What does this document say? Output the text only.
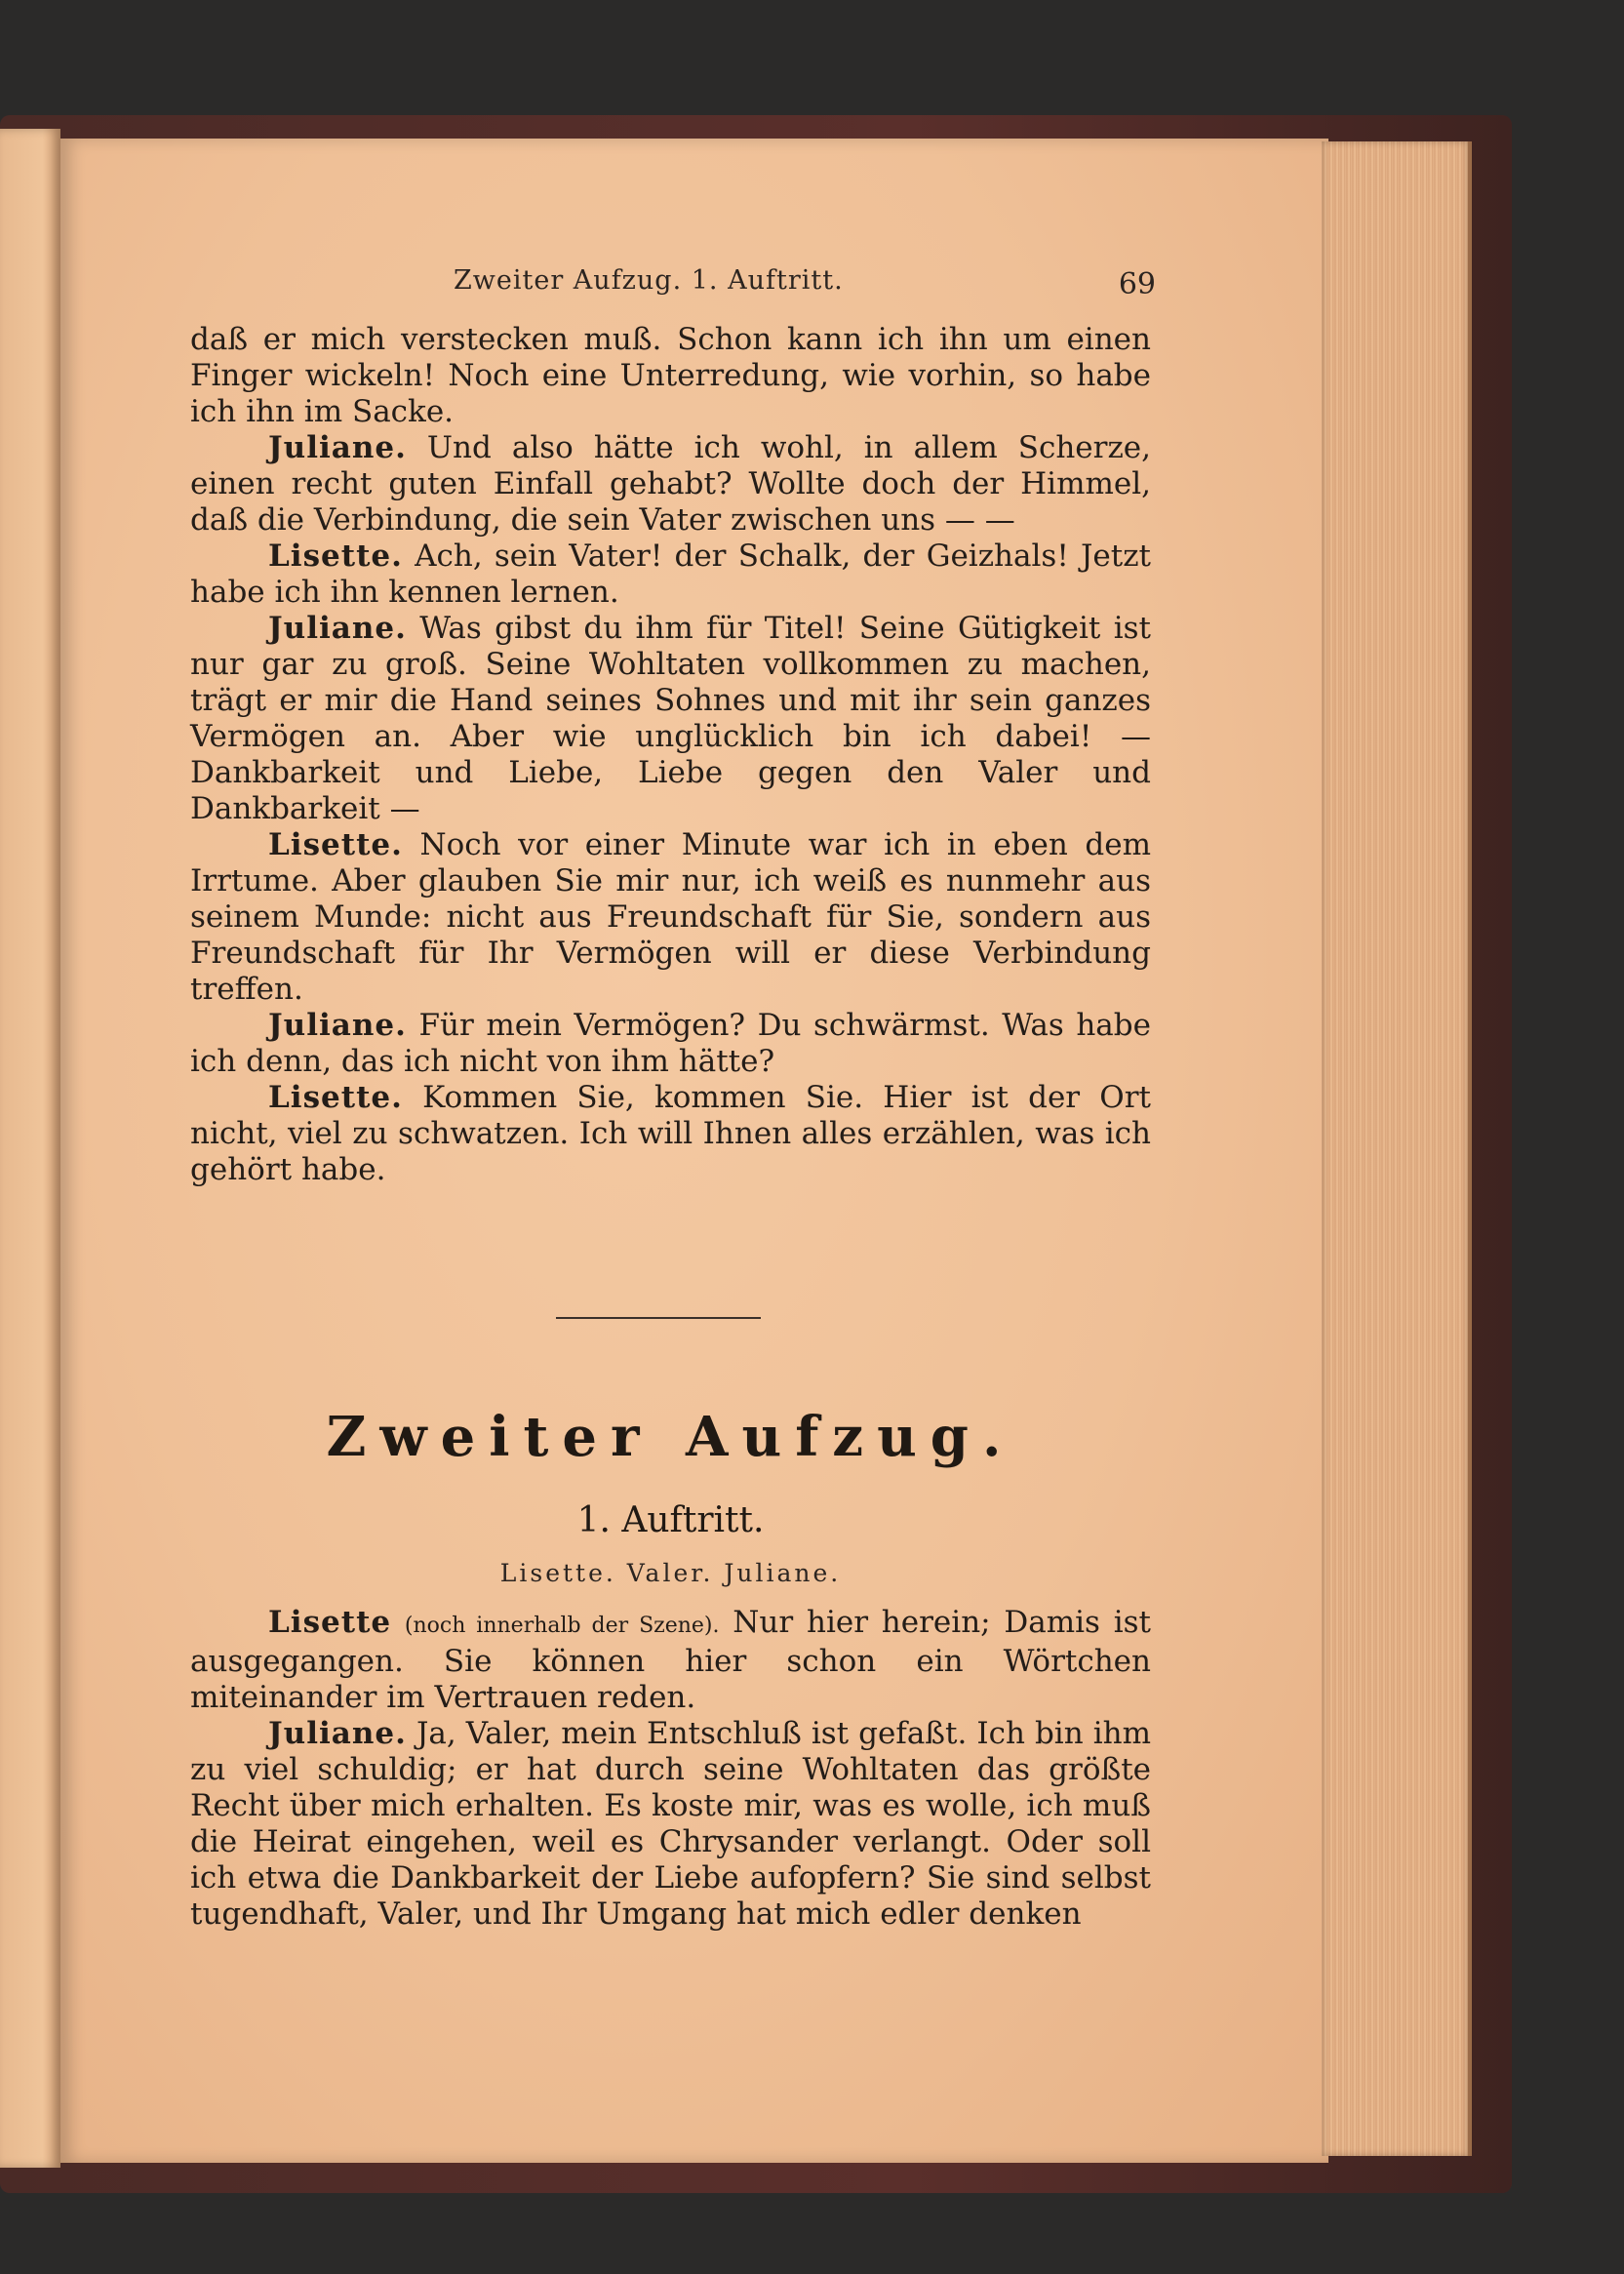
Zweiter Aufzug. 1. Auftritt.	69

daß er mich verstecken muß. Schon kann ich ihn um einen Finger wickeln! Noch eine Unterredung, wie vorhin, so habe ich ihn im Sacke.

Juliane. Und also hätte ich wohl, in allem Scherze, einen recht guten Einfall gehabt? Wollte doch der Himmel, daß die Verbindung, die sein Vater zwischen uns — —

Lisette. Ach, sein Vater! der Schalk, der Geizhals! Jetzt habe ich ihn kennen lernen.

Juliane. Was gibst du ihm für Titel! Seine Gütigkeit ist nur gar zu groß. Seine Wohltaten vollkommen zu machen, trägt er mir die Hand seines Sohnes und mit ihr sein ganzes Vermögen an. Aber wie unglücklich bin ich dabei! — Dankbarkeit und Liebe, Liebe gegen den Valer und Dankbarkeit —

Lisette. Noch vor einer Minute war ich in eben dem Irrtume. Aber glauben Sie mir nur, ich weiß es nunmehr aus seinem Munde: nicht aus Freundschaft für Sie, sondern aus Freundschaft für Ihr Vermögen will er diese Verbindung treffen.

Juliane. Für mein Vermögen? Du schwärmst. Was habe ich denn, das ich nicht von ihm hätte?

Lisette. Kommen Sie, kommen Sie. Hier ist der Ort nicht, viel zu schwatzen. Ich will Ihnen alles erzählen, was ich gehört habe.

Zweiter Aufzug.
1. Auftritt.
Lisette. Valer. Juliane.

Lisette (noch innerhalb der Szene). Nur hier herein; Damis ist ausgegangen. Sie können hier schon ein Wörtchen miteinander im Vertrauen reden.

Juliane. Ja, Valer, mein Entschluß ist gefaßt. Ich bin ihm zu viel schuldig; er hat durch seine Wohltaten das größte Recht über mich erhalten. Es koste mir, was es wolle, ich muß die Heirat eingehen, weil es Chrysander verlangt. Oder soll ich etwa die Dankbarkeit der Liebe aufopfern? Sie sind selbst tugendhaft, Valer, und Ihr Umgang hat mich edler denken
